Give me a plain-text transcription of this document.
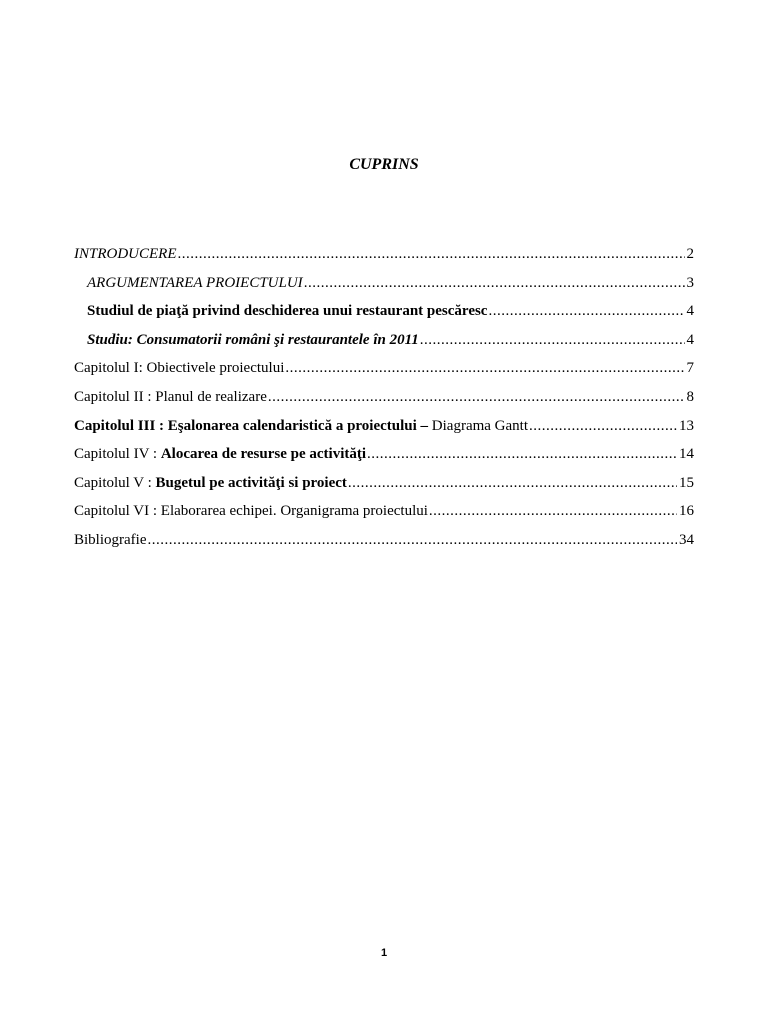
CUPRINS
INTRODUCERE .....	2
ARGUMENTAREA PROIECTULUI .....	3
Studiul de piaţă privind deschiderea unui restaurant pescăresc .....	4
Studiu: Consumatorii români şi restaurantele în 2011 .....	4
Capitolul I: Obiectivele proiectului .....	7
Capitolul II : Planul de realizare .....	8
Capitolul III : Eşalonarea calendaristică a proiectului – Diagrama Gantt .....	13
Capitolul IV : Alocarea de resurse pe activităţi .....	14
Capitolul V : Bugetul pe activităţi si proiect .....	15
Capitolul VI : Elaborarea echipei. Organigrama proiectului .....	16
Bibliografie .....	34
1
